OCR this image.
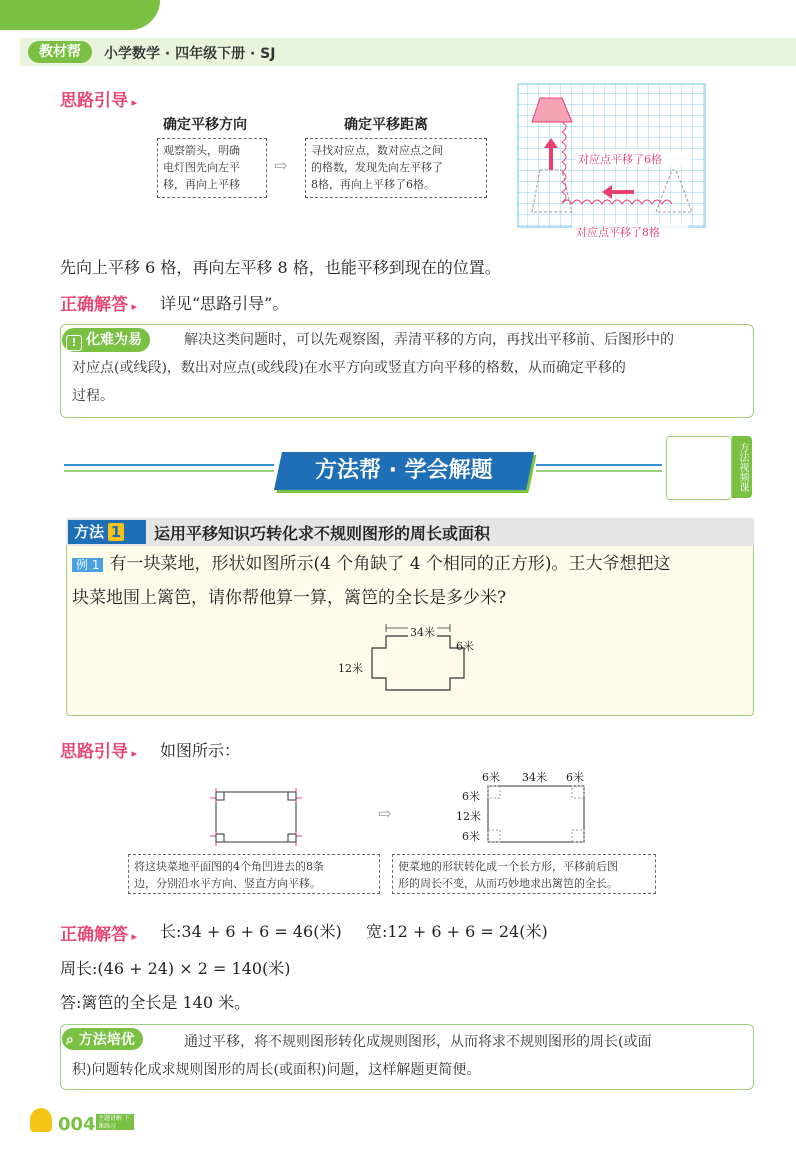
教材帮	小学数学 · 四年级下册 · SJ
思路引导 ▸
确定平移方向
观察箭头，明确
电灯图先向左平
移，再向上平移
⇨
确定平移距离
寻找对应点，数对应点之间
的格数，发现先向左平移了
8格，再向上平移了6格。
对应点平移了6格
对应点平移了8格
先向上平移 6 格，再向左平移 8 格，也能平移到现在的位置。
正确解答 ▸ 详见“思路引导”。
! 化难为易	解决这类问题时，可以先观察图，弄清平移的方向，再找出平移前、后图形中的
对应点(或线段)，数出对应点(或线段)在水平方向或竖直方向平移的格数，从而确定平移的
过程。
方法帮 · 学会解题	方法视频课
方法 1	运用平移知识巧转化求不规则图形的周长或面积
例 1 有一块菜地，形状如图所示(4 个角缺了 4 个相同的正方形)。王大爷想把这
块菜地围上篱笆，请你帮他算一算，篱笆的全长是多少米?
34米
6米
12米
思路引导 ▸ 如图所示：
⇨
6米 34米 6米
6米
12米
6米
将这块菜地平面图的4个角凹进去的8条
边，分别沿水平方向、竖直方向平移。
使菜地的形状转化成一个长方形，平移前后图
形的周长不变，从而巧妙地求出篱笆的全长。
正确解答 ▸ 长:34 + 6 + 6 = 46(米) 宽:12 + 6 + 6 = 24(米)
周长:(46 + 24) × 2 = 140(米)
答:篱笆的全长是 140 米。
⌕ 方法培优	通过平移，将不规则图形转化成规则图形，从而将求不规则图形的周长(或面
积)问题转化成求规则图形的周长(或面积)问题，这样解题更简便。
004 主题讲解 下课练习
